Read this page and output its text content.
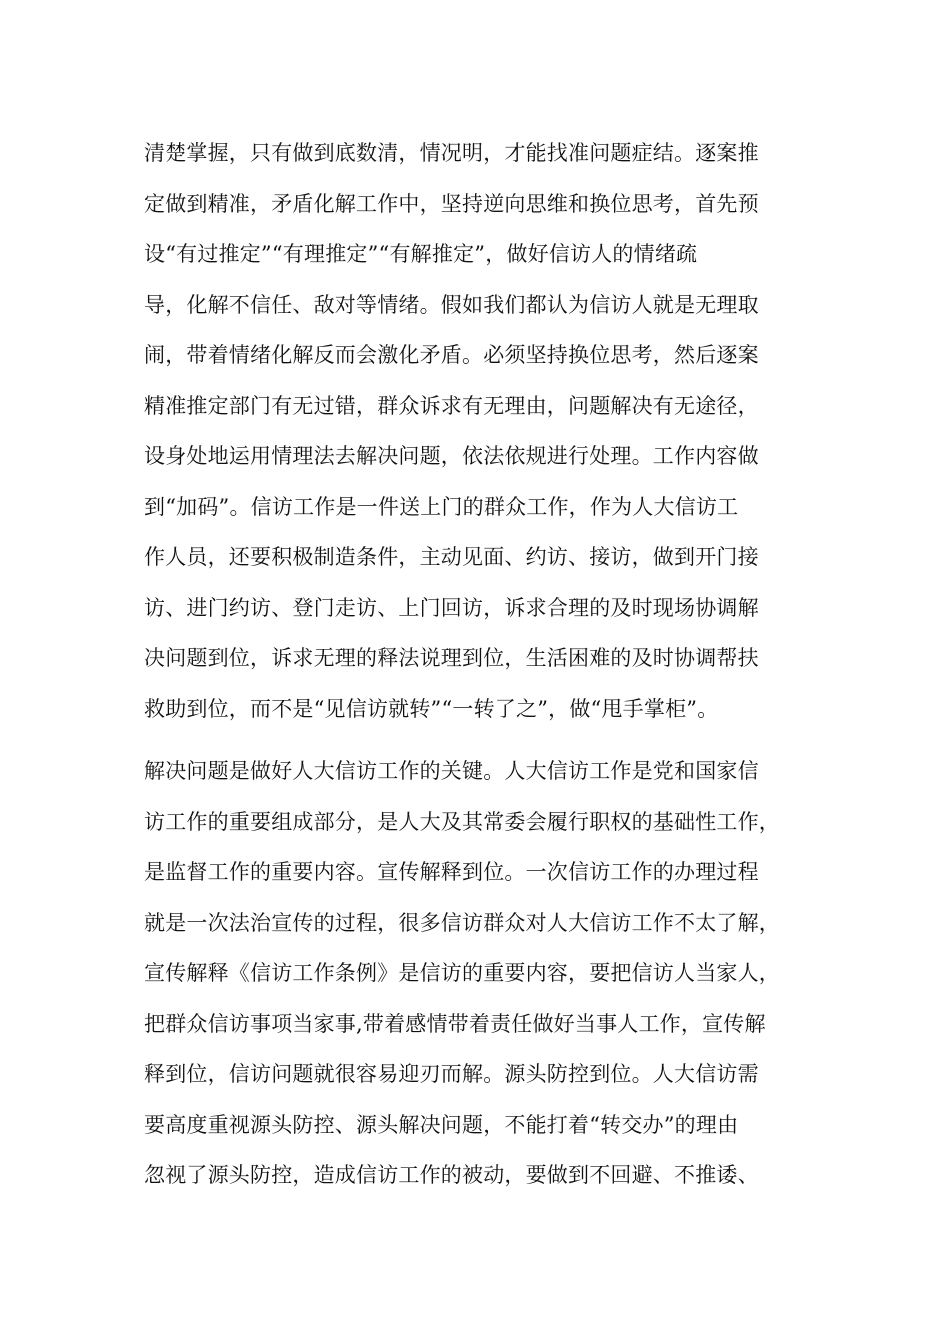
清楚掌握，只有做到底数清，情况明，才能找准问题症结。逐案推
定做到精准，矛盾化解工作中，坚持逆向思维和换位思考，首先预
设“有过推定”“有理推定”“有解推定”，做好信访人的情绪疏
导，化解不信任、敌对等情绪。假如我们都认为信访人就是无理取
闹，带着情绪化解反而会激化矛盾。必须坚持换位思考，然后逐案
精准推定部门有无过错，群众诉求有无理由，问题解决有无途径，
设身处地运用情理法去解决问题，依法依规进行处理。工作内容做
到“加码”。信访工作是一件送上门的群众工作，作为人大信访工
作人员，还要积极制造条件，主动见面、约访、接访，做到开门接
访、进门约访、登门走访、上门回访，诉求合理的及时现场协调解
决问题到位，诉求无理的释法说理到位，生活困难的及时协调帮扶
救助到位，而不是“见信访就转”“一转了之”，做“甩手掌柜”。
解决问题是做好人大信访工作的关键。人大信访工作是党和国家信
访工作的重要组成部分，是人大及其常委会履行职权的基础性工作，
是监督工作的重要内容。宣传解释到位。一次信访工作的办理过程
就是一次法治宣传的过程，很多信访群众对人大信访工作不太了解，
宣传解释《信访工作条例》是信访的重要内容，要把信访人当家人，
把群众信访事项当家事,带着感情带着责任做好当事人工作，宣传解
释到位，信访问题就很容易迎刃而解。源头防控到位。人大信访需
要高度重视源头防控、源头解决问题，不能打着“转交办”的理由
忽视了源头防控，造成信访工作的被动，要做到不回避、不推诿、
